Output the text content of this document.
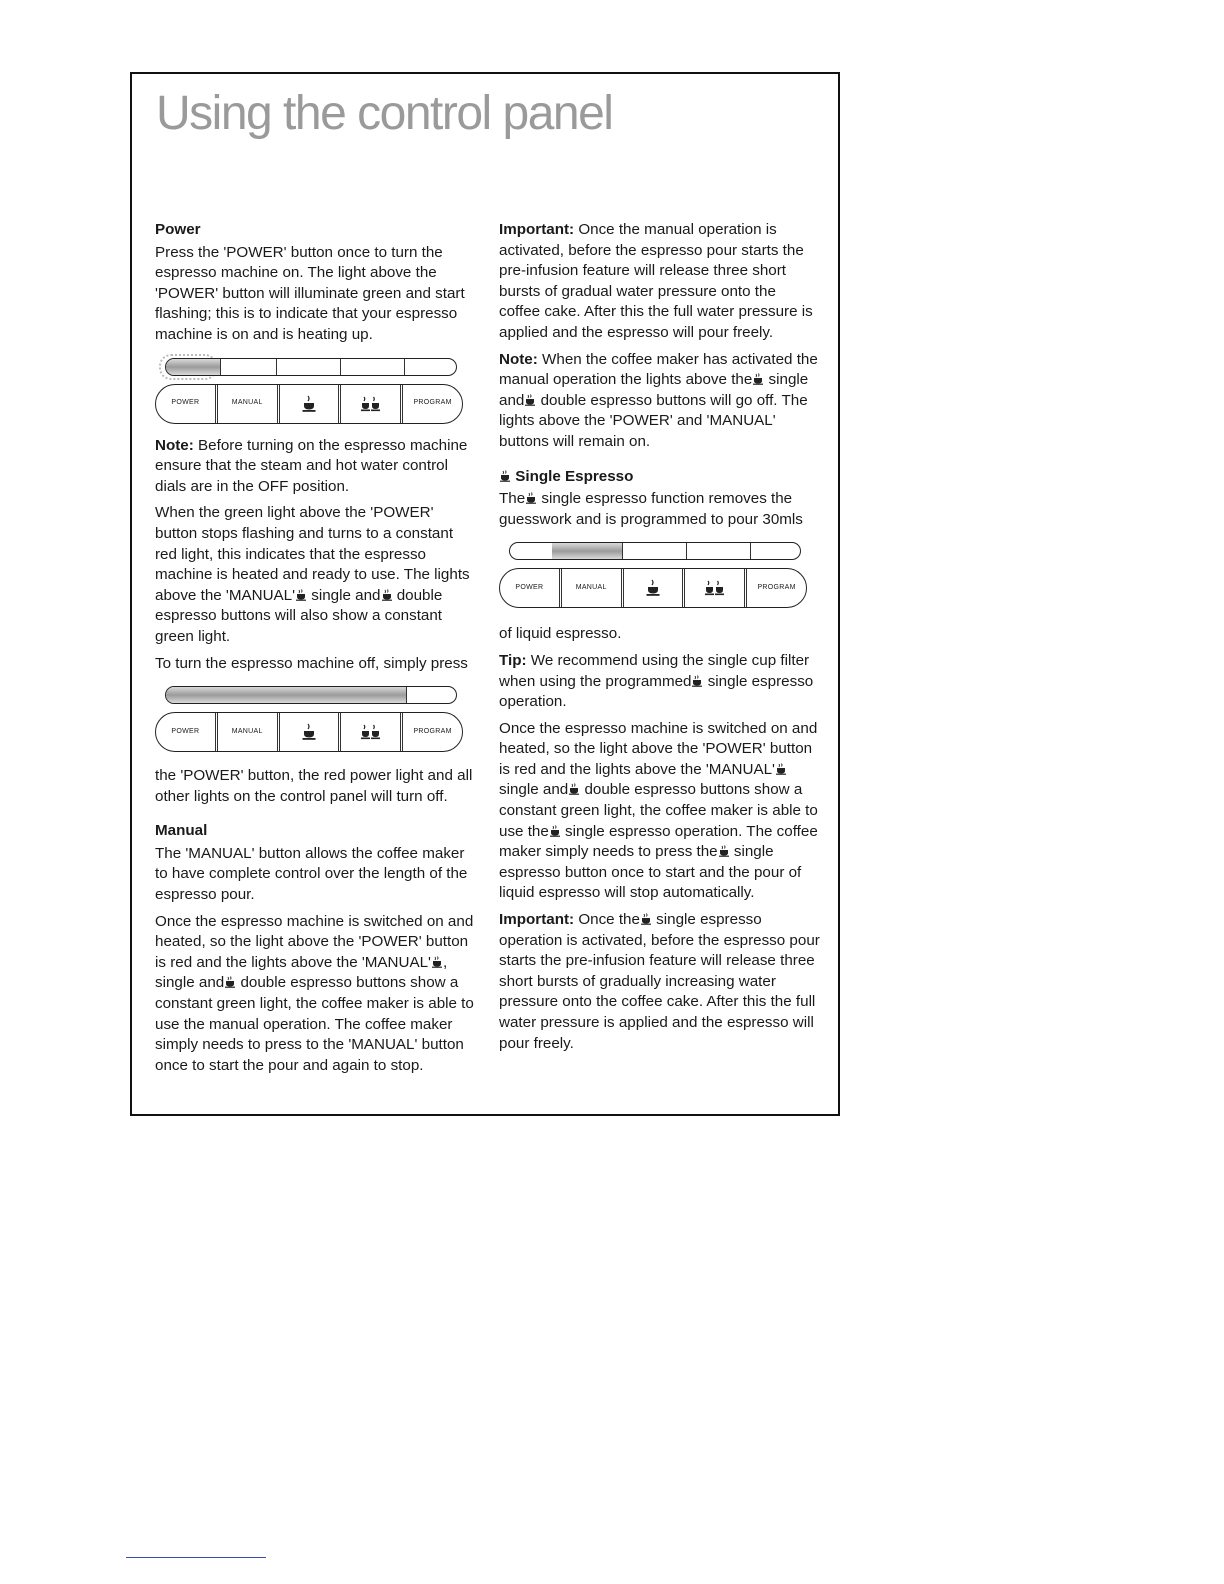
Using the control panel
Power

Press the 'POWER' button once to turn the espresso machine on. The light above the 'POWER' button will illuminate green and start flashing; this is to indicate that your espresso machine is on and is heating up.

POWER	MANUAL	PROGRAM

Note: Before turning on the espresso machine ensure that the steam and hot water control dials are in the OFF position.

When the green light above the 'POWER' button stops flashing and turns to a constant red light, this indicates that the espresso machine is heated and ready to use. The lights above the 'MANUAL'
single and
double espresso buttons will also show a constant green light.

To turn the espresso machine off, simply press

POWER	MANUAL	PROGRAM

the 'POWER' button, the red power light and all other lights on the control panel will turn off.

Manual

The 'MANUAL' button allows the coffee maker to have complete control over the length of the espresso pour.

Once the espresso machine is switched on and heated, so the light above the 'POWER' button is red and the lights above the 'MANUAL' , single and
double espresso buttons show a constant green light, the coffee maker is able to use the manual operation. The coffee maker simply needs to press to the 'MANUAL' button once to start the pour and again to stop.

Important: Once the manual operation is activated, before the espresso pour starts the pre-infusion feature will release three short bursts of gradual water pressure onto the coffee cake. After this the full water pressure is applied and the espresso will pour freely.

Note: When the coffee maker has activated the manual operation the lights above the
single and
double espresso buttons will go off. The lights above the 'POWER' and 'MANUAL' buttons will remain on.

Single Espresso

The
single espresso function removes the guesswork and is programmed to pour 30mls

POWER	MANUAL	PROGRAM

of liquid espresso.

Tip: We recommend using the single cup filter when using the programmed
single espresso operation.

Once the espresso machine is switched on and heated, so the light above the 'POWER' button is red and the lights above the 'MANUAL'
single and
double espresso buttons show a constant green light, the coffee maker is able to use the
single espresso operation. The coffee maker simply needs to press the
single espresso button once to start and the pour of liquid espresso will stop automatically.

Important: Once the
single espresso operation is activated, before the espresso pour starts the pre-infusion feature will release three short bursts of gradually increasing water pressure onto the coffee cake. After this the full water pressure is applied and the espresso will pour freely.
